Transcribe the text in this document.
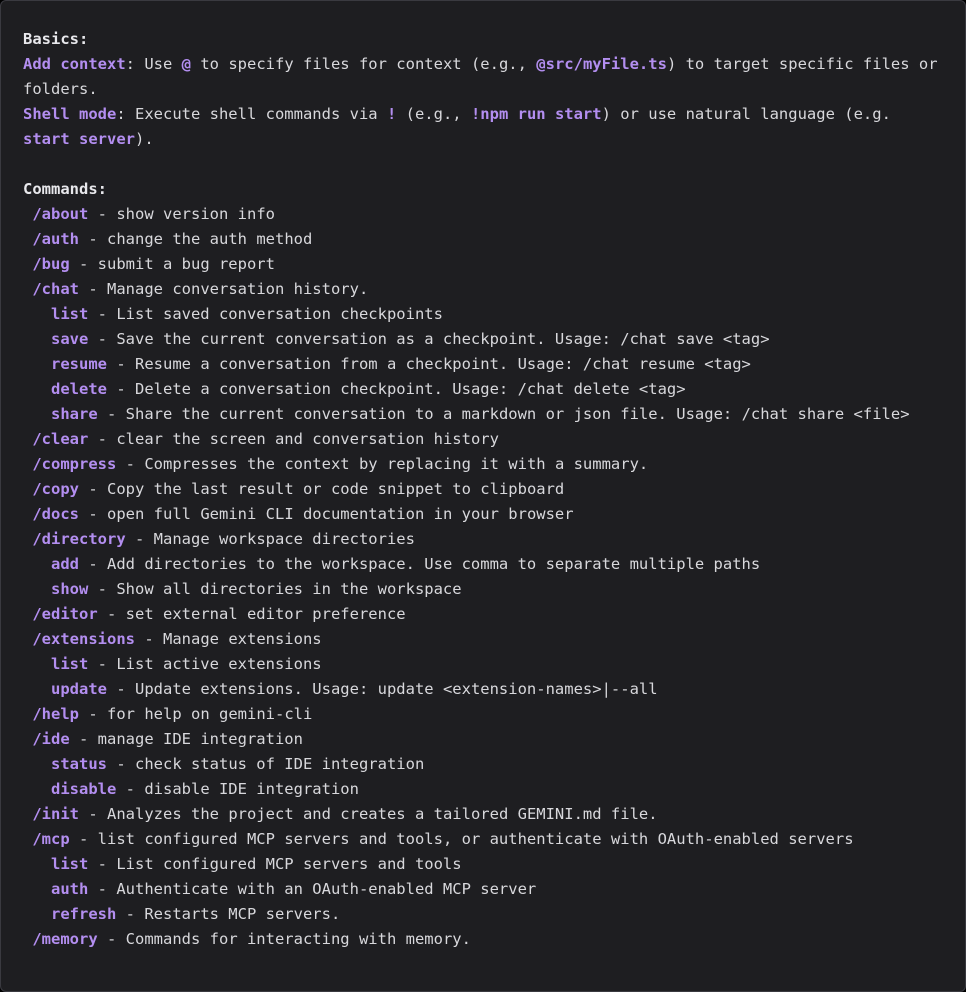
Basics:
Add context: Use @ to specify files for context (e.g., @src/myFile.ts) to target specific files or folders.
Shell mode: Execute shell commands via ! (e.g., !npm run start) or use natural language (e.g. start server).
Commands:
/about - show version info
/auth - change the auth method
/bug - submit a bug report
/chat - Manage conversation history.
list - List saved conversation checkpoints
save - Save the current conversation as a checkpoint. Usage: /chat save <tag>
resume - Resume a conversation from a checkpoint. Usage: /chat resume <tag>
delete - Delete a conversation checkpoint. Usage: /chat delete <tag>
share - Share the current conversation to a markdown or json file. Usage: /chat share <file>
/clear - clear the screen and conversation history
/compress - Compresses the context by replacing it with a summary.
/copy - Copy the last result or code snippet to clipboard
/docs - open full Gemini CLI documentation in your browser
/directory - Manage workspace directories
add - Add directories to the workspace. Use comma to separate multiple paths
show - Show all directories in the workspace
/editor - set external editor preference
/extensions - Manage extensions
list - List active extensions
update - Update extensions. Usage: update <extension-names>|--all
/help - for help on gemini-cli
/ide - manage IDE integration
status - check status of IDE integration
disable - disable IDE integration
/init - Analyzes the project and creates a tailored GEMINI.md file.
/mcp - list configured MCP servers and tools, or authenticate with OAuth-enabled servers
list - List configured MCP servers and tools
auth - Authenticate with an OAuth-enabled MCP server
refresh - Restarts MCP servers.
/memory - Commands for interacting with memory.
